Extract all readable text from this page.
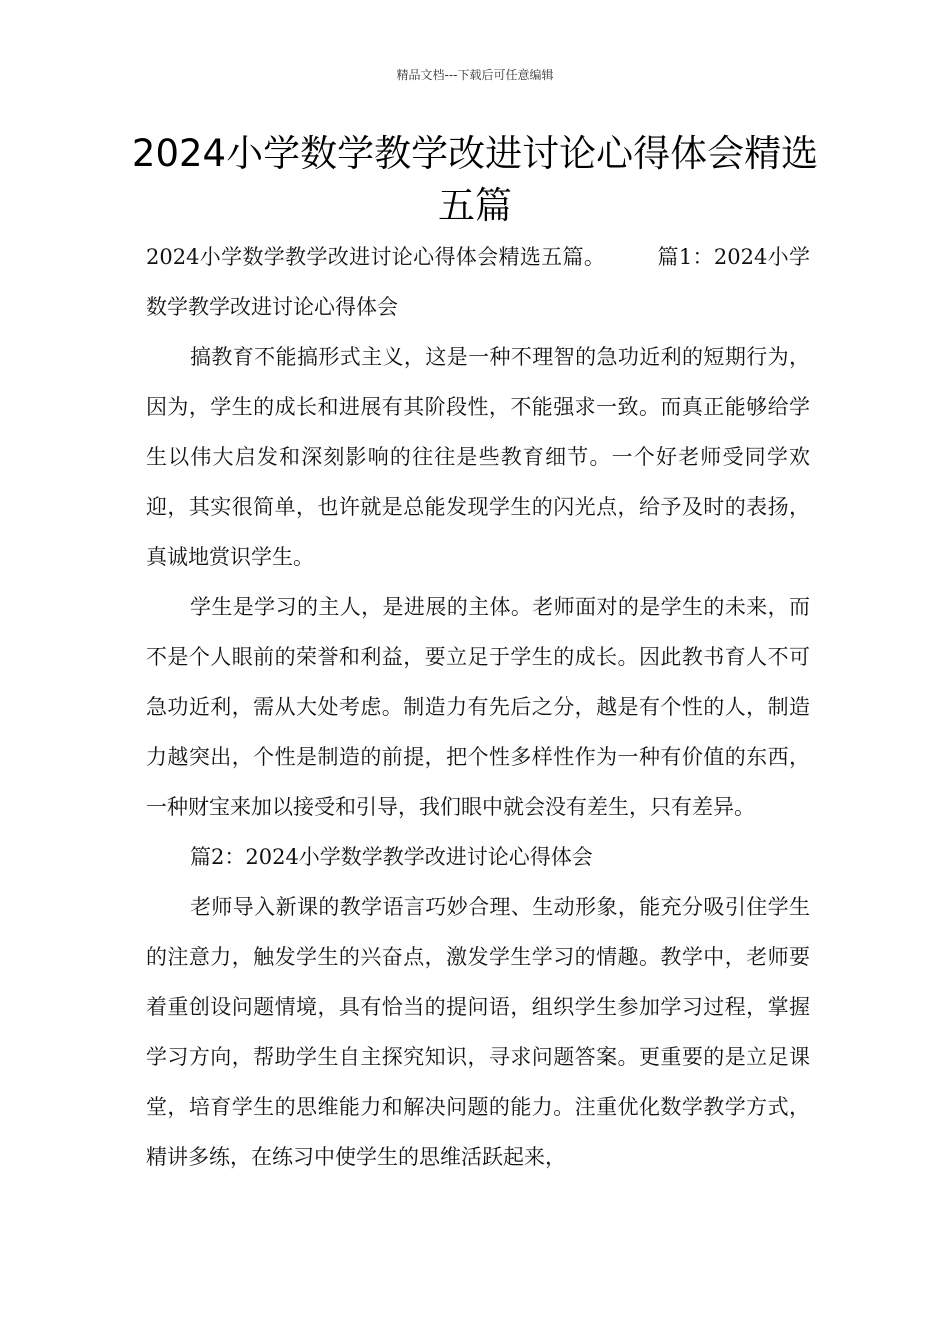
精品文档---下载后可任意编辑
2024小学数学教学改进讨论心得体会精选五篇

2024小学数学教学改进讨论心得体会精选五篇。 篇1：2024小学数学教学改进讨论心得体会

搞教育不能搞形式主义，这是一种不理智的急功近利的短期行为，因为，学生的成长和进展有其阶段性，不能强求一致。而真正能够给学生以伟大启发和深刻影响的往往是些教育细节。一个好老师受同学欢迎，其实很简单，也许就是总能发现学生的闪光点，给予及时的表扬，真诚地赏识学生。

学生是学习的主人，是进展的主体。老师面对的是学生的未来，而不是个人眼前的荣誉和利益，要立足于学生的成长。因此教书育人不可急功近利，需从大处考虑。制造力有先后之分，越是有个性的人，制造力越突出，个性是制造的前提，把个性多样性作为一种有价值的东西，一种财宝来加以接受和引导，我们眼中就会没有差生，只有差异。

篇2：2024小学数学教学改进讨论心得体会

老师导入新课的教学语言巧妙合理、生动形象，能充分吸引住学生的注意力，触发学生的兴奋点，激发学生学习的情趣。教学中，老师要着重创设问题情境，具有恰当的提问语，组织学生参加学习过程，掌握学习方向，帮助学生自主探究知识，寻求问题答案。更重要的是立足课堂，培育学生的思维能力和解决问题的能力。注重优化数学教学方式，精讲多练，在练习中使学生的思维活跃起来，
